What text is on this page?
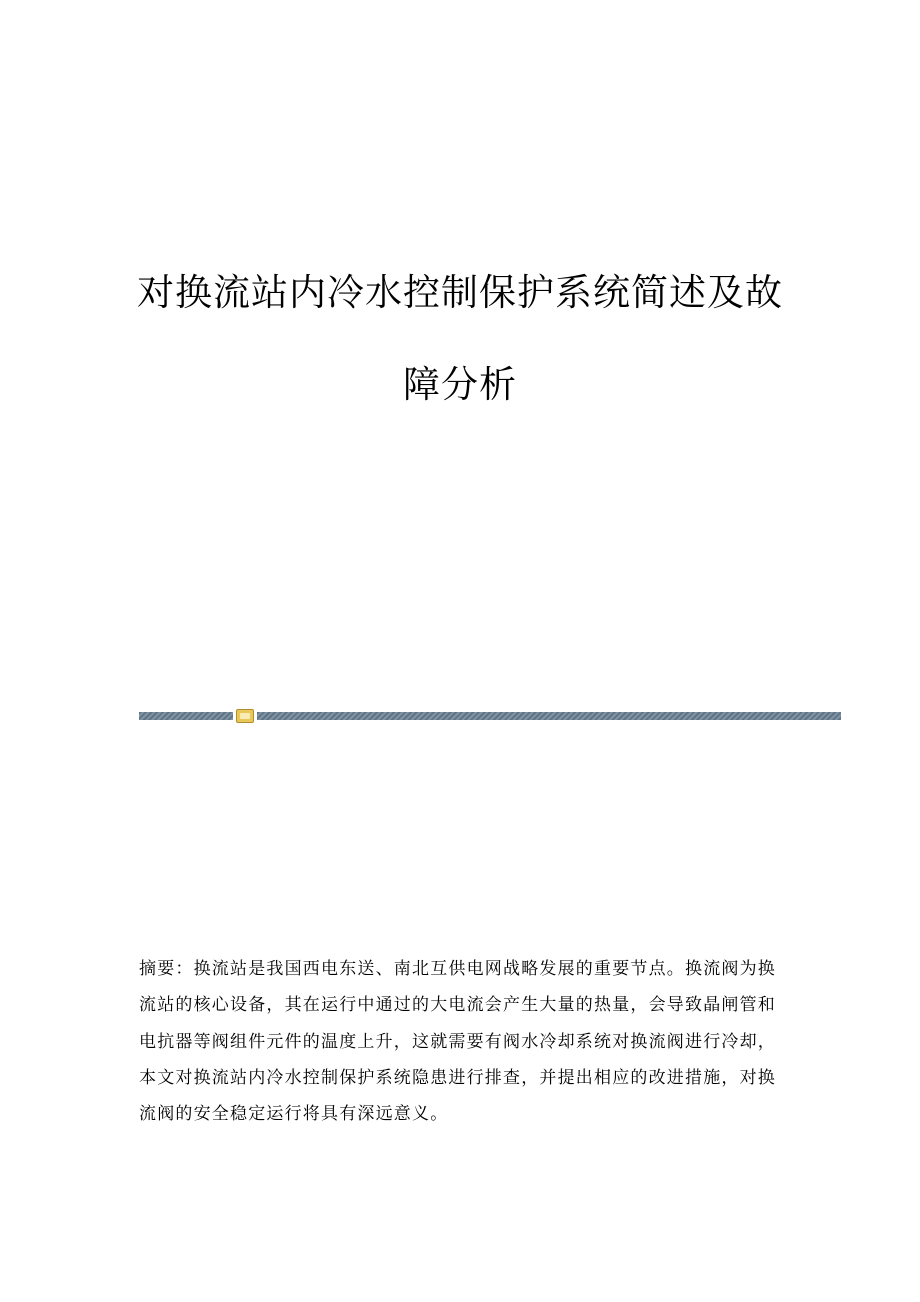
对换流站内冷水控制保护系统简述及故
障分析

摘要：换流站是我国西电东送、南北互供电网战略发展的重要节点。换流阀为换流站的核心设备，其在运行中通过的大电流会产生大量的热量，会导致晶闸管和电抗器等阀组件元件的温度上升，这就需要有阀水冷却系统对换流阀进行冷却，本文对换流站内冷水控制保护系统隐患进行排查，并提出相应的改进措施，对换流阀的安全稳定运行将具有深远意义。
